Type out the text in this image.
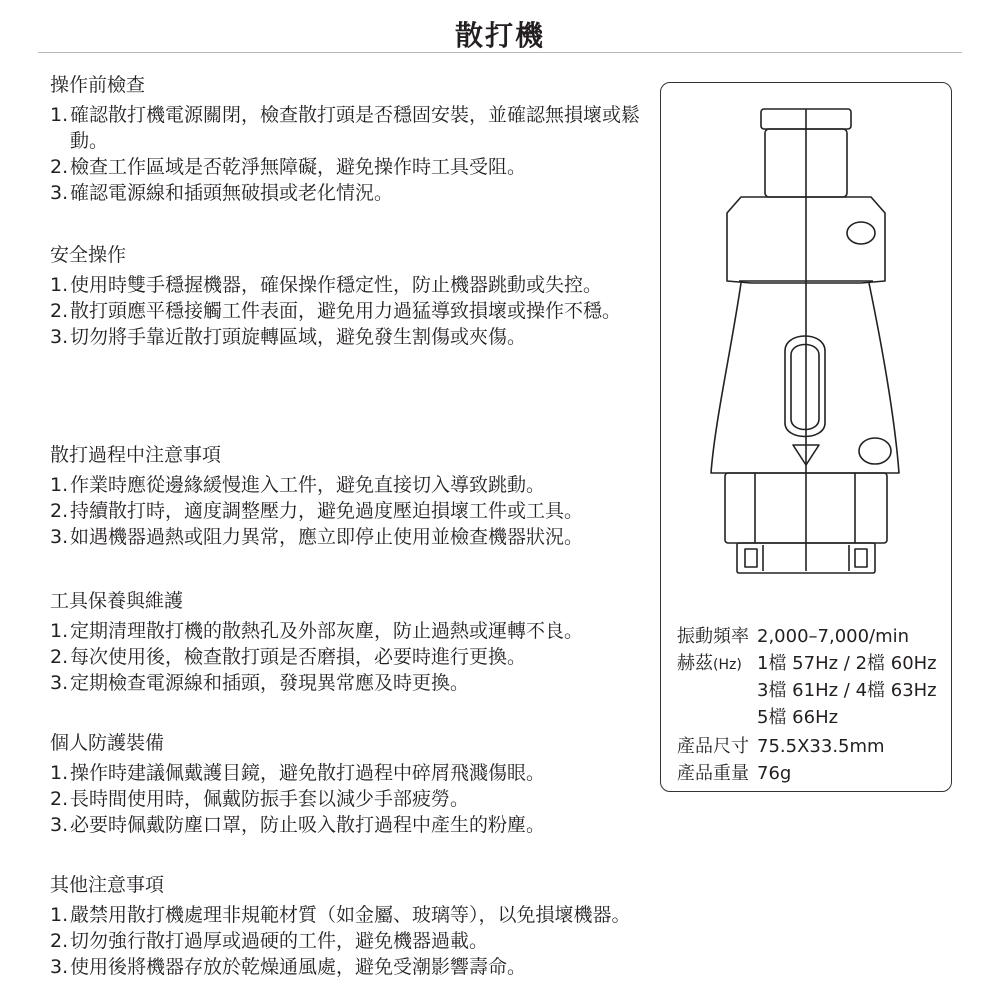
散打機
操作前檢查
1. 確認散打機電源關閉，檢查散打頭是否穩固安裝，並確認無損壞或鬆動。
2. 檢查工作區域是否乾淨無障礙，避免操作時工具受阻。
3. 確認電源線和插頭無破損或老化情況。
安全操作
1. 使用時雙手穩握機器，確保操作穩定性，防止機器跳動或失控。
2. 散打頭應平穩接觸工件表面，避免用力過猛導致損壞或操作不穩。
3. 切勿將手靠近散打頭旋轉區域，避免發生割傷或夾傷。
散打過程中注意事項
1. 作業時應從邊緣緩慢進入工件，避免直接切入導致跳動。
2. 持續散打時，適度調整壓力，避免過度壓迫損壞工件或工具。
3. 如遇機器過熱或阻力異常，應立即停止使用並檢查機器狀況。
工具保養與維護
1. 定期清理散打機的散熱孔及外部灰塵，防止過熱或運轉不良。
2. 每次使用後，檢查散打頭是否磨損，必要時進行更換。
3. 定期檢查電源線和插頭，發現異常應及時更換。
個人防護裝備
1. 操作時建議佩戴護目鏡，避免散打過程中碎屑飛濺傷眼。
2. 長時間使用時，佩戴防振手套以減少手部疲勞。
3. 必要時佩戴防塵口罩，防止吸入散打過程中產生的粉塵。
其他注意事項
1. 嚴禁用散打機處理非規範材質（如金屬、玻璃等），以免損壞機器。
2. 切勿強行散打過厚或過硬的工件，避免機器過載。
3. 使用後將機器存放於乾燥通風處，避免受潮影響壽命。
振動頻率 2,000–7,000/min
赫茲(Hz) 1檔 57Hz / 2檔 60Hz
3檔 61Hz / 4檔 63Hz
5檔 66Hz
產品尺寸 75.5X33.5mm
產品重量 76g
